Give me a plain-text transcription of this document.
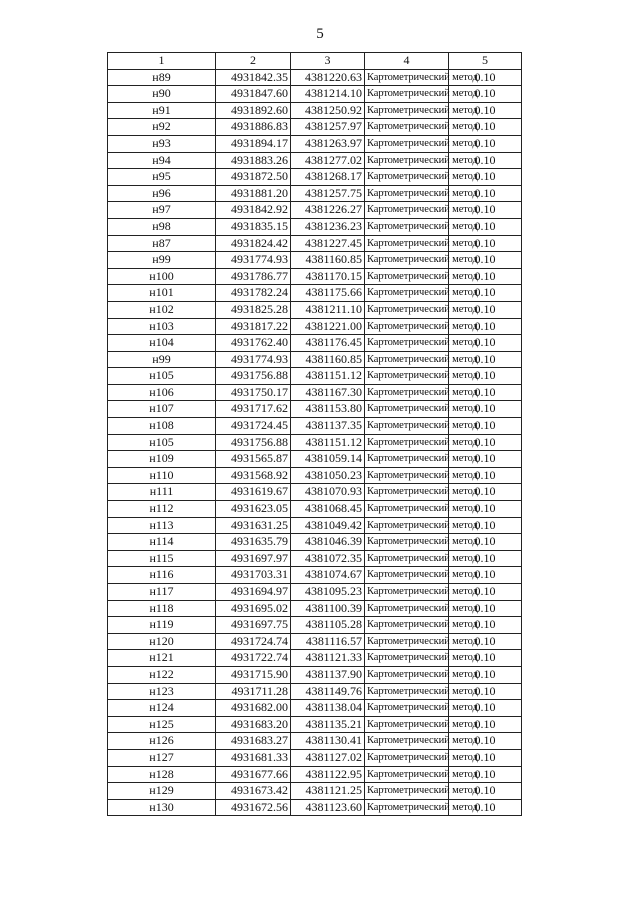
5
1	2	3	4	5
н89	4931842.35	4381220.63	Картометрический метод	0.10
н90	4931847.60	4381214.10	Картометрический метод	0.10
н91	4931892.60	4381250.92	Картометрический метод	0.10
н92	4931886.83	4381257.97	Картометрический метод	0.10
н93	4931894.17	4381263.97	Картометрический метод	0.10
н94	4931883.26	4381277.02	Картометрический метод	0.10
н95	4931872.50	4381268.17	Картометрический метод	0.10
н96	4931881.20	4381257.75	Картометрический метод	0.10
н97	4931842.92	4381226.27	Картометрический метод	0.10
н98	4931835.15	4381236.23	Картометрический метод	0.10
н87	4931824.42	4381227.45	Картометрический метод	0.10
н99	4931774.93	4381160.85	Картометрический метод	0.10
н100	4931786.77	4381170.15	Картометрический метод	0.10
н101	4931782.24	4381175.66	Картометрический метод	0.10
н102	4931825.28	4381211.10	Картометрический метод	0.10
н103	4931817.22	4381221.00	Картометрический метод	0.10
н104	4931762.40	4381176.45	Картометрический метод	0.10
н99	4931774.93	4381160.85	Картометрический метод	0.10
н105	4931756.88	4381151.12	Картометрический метод	0.10
н106	4931750.17	4381167.30	Картометрический метод	0.10
н107	4931717.62	4381153.80	Картометрический метод	0.10
н108	4931724.45	4381137.35	Картометрический метод	0.10
н105	4931756.88	4381151.12	Картометрический метод	0.10
н109	4931565.87	4381059.14	Картометрический метод	0.10
н110	4931568.92	4381050.23	Картометрический метод	0.10
н111	4931619.67	4381070.93	Картометрический метод	0.10
н112	4931623.05	4381068.45	Картометрический метод	0.10
н113	4931631.25	4381049.42	Картометрический метод	0.10
н114	4931635.79	4381046.39	Картометрический метод	0.10
н115	4931697.97	4381072.35	Картометрический метод	0.10
н116	4931703.31	4381074.67	Картометрический метод	0.10
н117	4931694.97	4381095.23	Картометрический метод	0.10
н118	4931695.02	4381100.39	Картометрический метод	0.10
н119	4931697.75	4381105.28	Картометрический метод	0.10
н120	4931724.74	4381116.57	Картометрический метод	0.10
н121	4931722.74	4381121.33	Картометрический метод	0.10
н122	4931715.90	4381137.90	Картометрический метод	0.10
н123	4931711.28	4381149.76	Картометрический метод	0.10
н124	4931682.00	4381138.04	Картометрический метод	0.10
н125	4931683.20	4381135.21	Картометрический метод	0.10
н126	4931683.27	4381130.41	Картометрический метод	0.10
н127	4931681.33	4381127.02	Картометрический метод	0.10
н128	4931677.66	4381122.95	Картометрический метод	0.10
н129	4931673.42	4381121.25	Картометрический метод	0.10
н130	4931672.56	4381123.60	Картометрический метод	0.10
